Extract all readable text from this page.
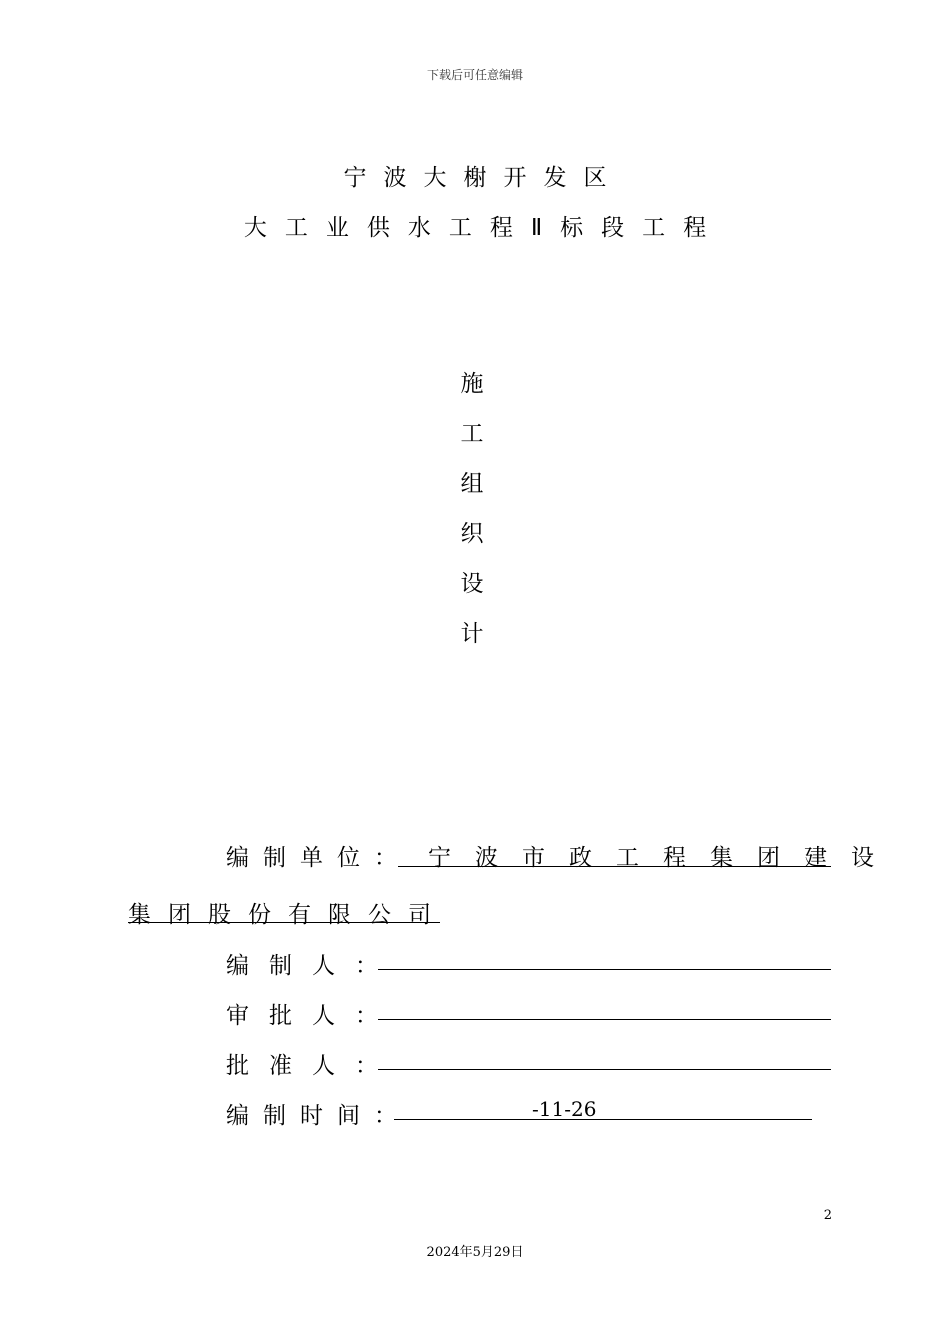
下载后可任意编辑
宁波大榭开发区
大工业供水工程Ⅱ标段工程
施
工
组
织
设
计
编制单位： 宁波市政工程集团建设
集团股份有限公司
编制人：
审批人：
批准人：
编制时间：	-11-26
2
2024年5月29日
